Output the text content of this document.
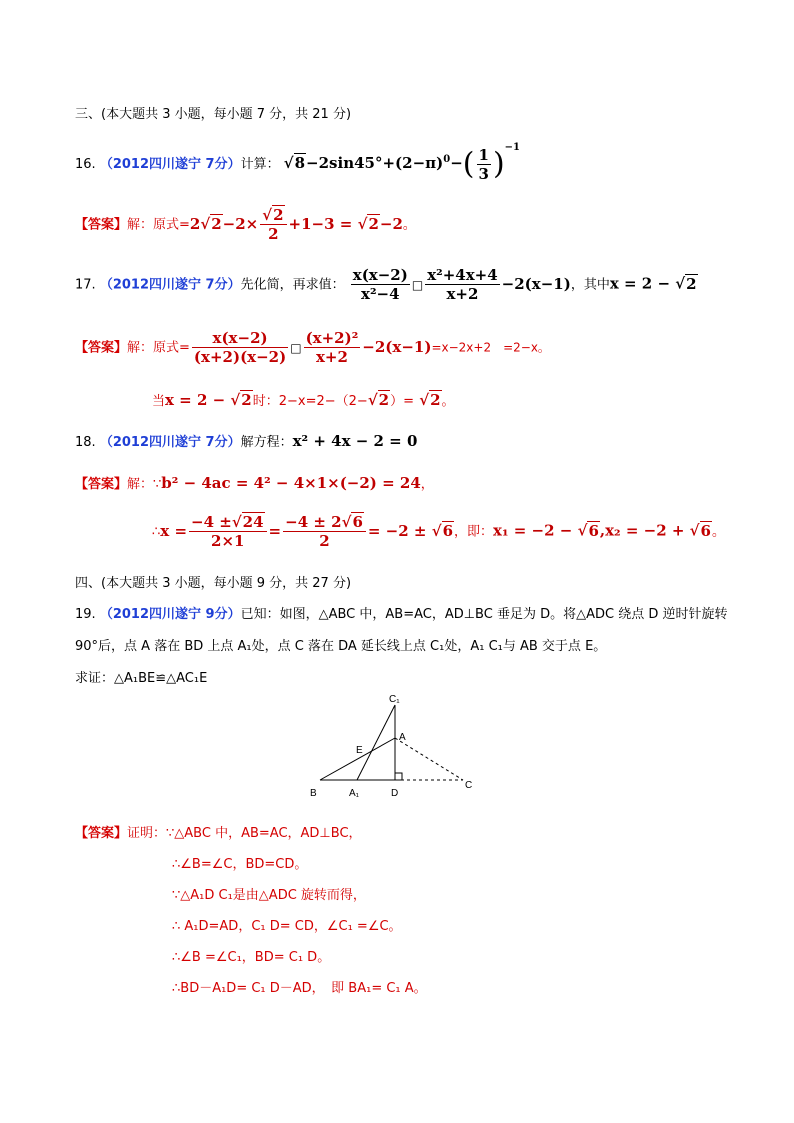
三、(本大题共 3 小题，每小题 7 分，共 21 分)
16. （2012四川遂宁 7分）计算： $√8-2\sin 45^\circ+(2-\pi)^0-( \frac{1}{3} )^{-1}$
【答案】解：原式$=2√2-2\times \frac{√2}{2} +1-3 = √2-2$。
17. （2012四川遂宁 7分）先化简，再求值： $\frac{x(x-2)}{\text{x²−4}}$ □ $\frac{\text{x²+4x+4}}{x+2} -2(x-1)$，其中x = 2 − √2
【答案】解：原式= $\frac{x(x-2)}{(x+2)(x-2)}$ □ $\frac{\text{(x+2)²}}{x+2} -2(x-1)=x-2x+2$　=2−x。
当x = 2 − √2时：2−x=2−（2−√2）= √2。
18. （2012四川遂宁 7分）解方程：x² + 4x − 2 = 0
【答案】解：∵b² − 4ac = 4² − 4×1×(−2) = 24，
∴x = $\frac{-4 \pm√24}{2\times 1} = \frac{-4 \pm 2√6}{2} = -2 \pm √6$，即：x₁ = −2 − √6,x₂ = −2 + √6。
四、(本大题共 3 小题，每小题 9 分，共 27 分)
19. （2012四川遂宁 9分）已知：如图，△ABC 中，AB=AC，AD⊥BC 垂足为 D。将△ADC 绕点 D 逆时针旋转
90°后，点 A 落在 BD 上点 A₁处，点 C 落在 DA 延长线上点 C₁处，A₁ C₁与 AB 交于点 E。
求证：△A₁BE≌△AC₁E
C₁
A
E
B	A₁	D
C
【答案】证明：∵△ABC 中，AB=AC，AD⊥BC，
∴∠B=∠C，BD=CD。
∵△A₁D C₁是由△ADC 旋转而得，
∴ A₁D=AD，C₁ D= CD，∠C₁ =∠C。
∴∠B =∠C₁，BD= C₁ D。
∴BD－A₁D= C₁ D－AD，　即 BA₁= C₁ A。
